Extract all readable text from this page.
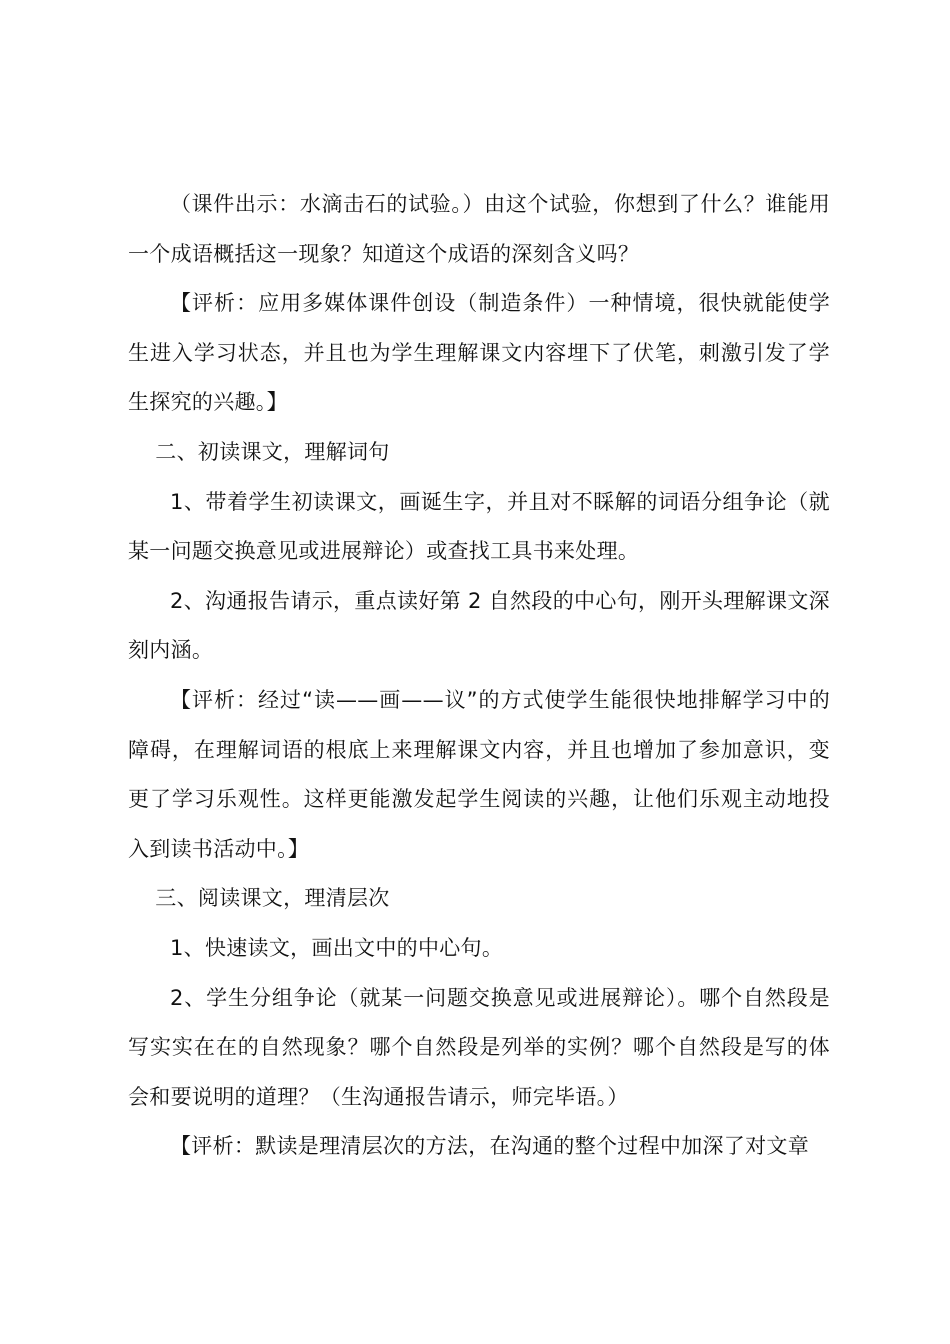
（课件出示：水滴击石的试验。）由这个试验，你想到了什么？谁能用一个成语概括这一现象？知道这个成语的深刻含义吗？

【评析：应用多媒体课件创设（制造条件）一种情境，很快就能使学生进入学习状态，并且也为学生理解课文内容埋下了伏笔，刺激引发了学生探究的兴趣。】

二、初读课文，理解词句

1、带着学生初读课文，画诞生字，并且对不睬解的词语分组争论（就某一问题交换意见或进展辩论）或查找工具书来处理。

2、沟通报告请示，重点读好第 2 自然段的中心句，刚开头理解课文深刻内涵。

【评析：经过“读——画——议”的方式使学生能很快地排解学习中的障碍，在理解词语的根底上来理解课文内容，并且也增加了参加意识，变更了学习乐观性。这样更能激发起学生阅读的兴趣，让他们乐观主动地投入到读书活动中。】

三、阅读课文，理清层次

1、快速读文，画出文中的中心句。

2、学生分组争论（就某一问题交换意见或进展辩论）。哪个自然段是写实实在在的自然现象？哪个自然段是列举的实例？哪个自然段是写的体会和要说明的道理？（生沟通报告请示，师完毕语。）

【评析：默读是理清层次的方法，在沟通的整个过程中加深了对文章
